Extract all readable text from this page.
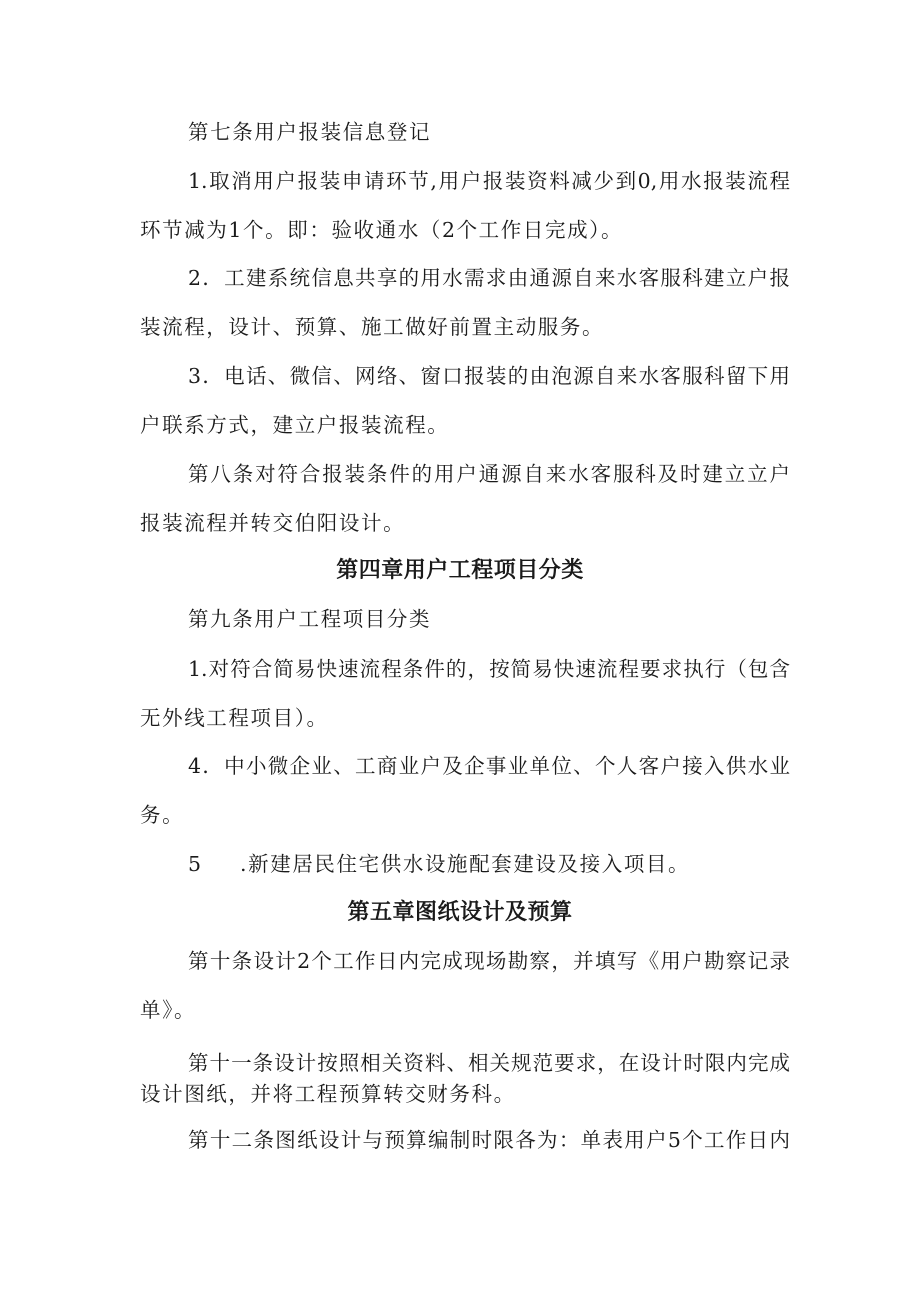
第七条用户报装信息登记
1.取消用户报装申请环节,用户报装资料减少到0,用水报装流程
环节减为1个。即：验收通水（2个工作日完成）。
2．工建系统信息共享的用水需求由通源自来水客服科建立户报
装流程，设计、预算、施工做好前置主动服务。
3．电话、微信、网络、窗口报装的由泡源自来水客服科留下用
户联系方式，建立户报装流程。
第八条对符合报装条件的用户通源自来水客服科及时建立立户
报装流程并转交伯阳设计。
第四章用户工程项目分类
第九条用户工程项目分类
1.对符合简易快速流程条件的，按简易快速流程要求执行（包含
无外线工程项目）。
4．中小微企业、工商业户及企事业单位、个人客户接入供水业
务。
5 .新建居民住宅供水设施配套建设及接入项目。
第五章图纸设计及预算
第十条设计2个工作日内完成现场勘察，并填写《用户勘察记录
单》。
第十一条设计按照相关资料、相关规范要求，在设计时限内完成
设计图纸，并将工程预算转交财务科。
第十二条图纸设计与预算编制时限各为：单表用户5个工作日内
